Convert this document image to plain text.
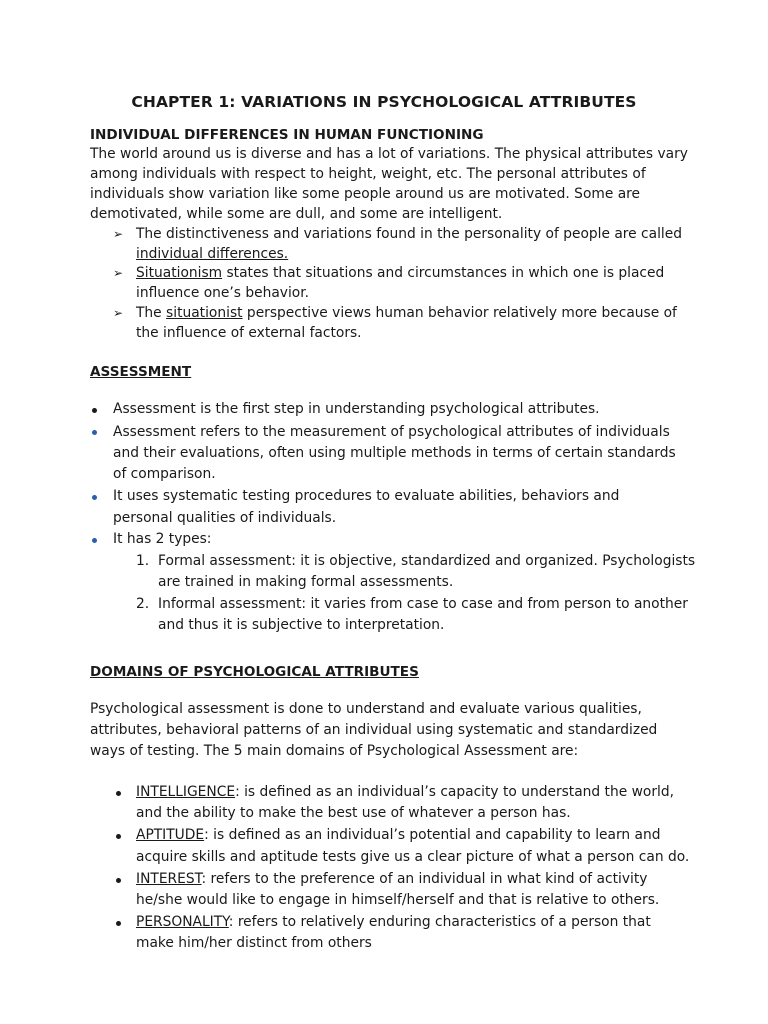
CHAPTER 1: VARIATIONS IN PSYCHOLOGICAL ATTRIBUTES
INDIVIDUAL DIFFERENCES IN HUMAN FUNCTIONING
The world around us is diverse and has a lot of variations. The physical attributes vary
among individuals with respect to height, weight, etc. The personal attributes of
individuals show variation like some people around us are motivated. Some are
demotivated, while some are dull, and some are intelligent.
➢ The distinctiveness and variations found in the personality of people are called
individual differences.
➢ Situationism states that situations and circumstances in which one is placed
influence one’s behavior.
➢ The situationist perspective views human behavior relatively more because of
the influence of external factors.
ASSESSMENT
Assessment is the first step in understanding psychological attributes.
Assessment refers to the measurement of psychological attributes of individuals
and their evaluations, often using multiple methods in terms of certain standards
of comparison.
It uses systematic testing procedures to evaluate abilities, behaviors and
personal qualities of individuals.
It has 2 types:
1. Formal assessment: it is objective, standardized and organized. Psychologists
are trained in making formal assessments.
2. Informal assessment: it varies from case to case and from person to another
and thus it is subjective to interpretation.
DOMAINS OF PSYCHOLOGICAL ATTRIBUTES
Psychological assessment is done to understand and evaluate various qualities,
attributes, behavioral patterns of an individual using systematic and standardized
ways of testing. The 5 main domains of Psychological Assessment are:
INTELLIGENCE: is defined as an individual’s capacity to understand the world,
and the ability to make the best use of whatever a person has.
APTITUDE: is defined as an individual’s potential and capability to learn and
acquire skills and aptitude tests give us a clear picture of what a person can do.
INTEREST: refers to the preference of an individual in what kind of activity
he/she would like to engage in himself/herself and that is relative to others.
PERSONALITY: refers to relatively enduring characteristics of a person that
make him/her distinct from others
